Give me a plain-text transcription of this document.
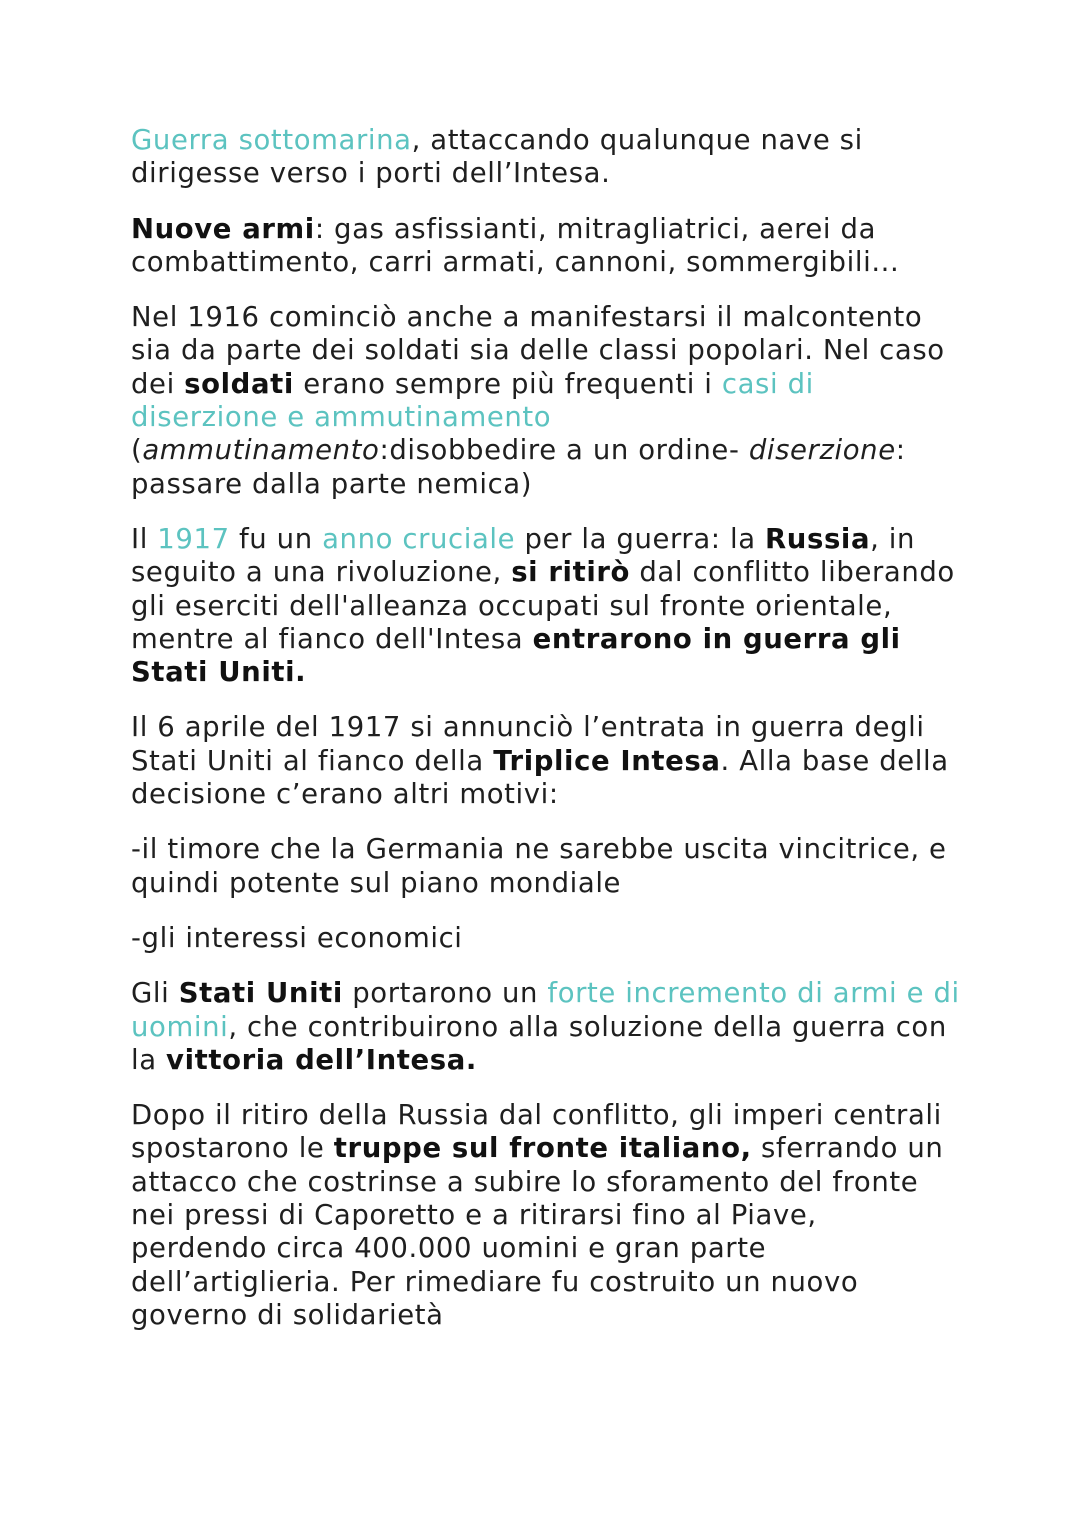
Guerra sottomarina, attaccando qualunque nave si dirigesse verso i porti dell’Intesa.

Nuove armi: gas asfissianti, mitragliatrici, aerei da combattimento, carri armati, cannoni, sommergibili...

Nel 1916 cominciò anche a manifestarsi il malcontento sia da parte dei soldati sia delle classi popolari. Nel caso dei soldati erano sempre più frequenti i casi di diserzione e ammutinamento (ammutinamento:disobbedire a un ordine- diserzione: passare dalla parte nemica)

Il 1917 fu un anno cruciale per la guerra: la Russia, in seguito a una rivoluzione, si ritirò dal conflitto liberando gli eserciti dell'alleanza occupati sul fronte orientale, mentre al fianco dell'Intesa entrarono in guerra gli Stati Uniti.

Il 6 aprile del 1917 si annunciò l’entrata in guerra degli Stati Uniti al fianco della Triplice Intesa. Alla base della decisione c’erano altri motivi:

-il timore che la Germania ne sarebbe uscita vincitrice, e quindi potente sul piano mondiale

-gli interessi economici

Gli Stati Uniti portarono un forte incremento di armi e di uomini, che contribuirono alla soluzione della guerra con la vittoria dell’Intesa.

Dopo il ritiro della Russia dal conflitto, gli imperi centrali spostarono le truppe sul fronte italiano, sferrando un attacco che costrinse a subire lo sforamento del fronte nei pressi di Caporetto e a ritirarsi fino al Piave, perdendo circa 400.000 uomini e gran parte dell’artiglieria. Per rimediare fu costruito un nuovo governo di solidarietà
